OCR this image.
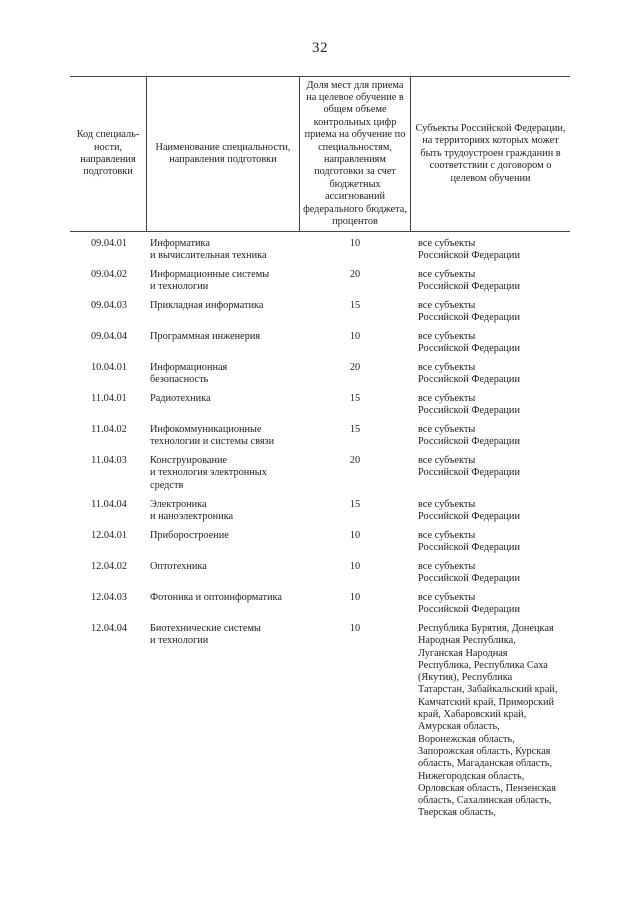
32
Код специаль-ности, направления подготовки
Наименование специальности, направления подготовки
Доля мест для приема на целевое обучение в общем объеме контрольных цифр приема на обучение по специальностям, направлениям подготовки за счет бюджетных ассигнований федерального бюджета, процентов
Субъекты Российской Федерации, на территориях которых может быть трудоустроен гражданин в соответствии с договором о целевом обучении
09.04.01	Информатика
и вычислительная техника
10	все субъекты
Российской Федерации
09.04.02	Информационные системы
и технологии
20	все субъекты
Российской Федерации
09.04.03	Прикладная информатика	15	все субъекты
Российской Федерации
09.04.04	Программная инженерия	10	все субъекты
Российской Федерации
10.04.01	Информационная
безопасность
20	все субъекты
Российской Федерации
11.04.01	Радиотехника	15	все субъекты
Российской Федерации
11.04.02	Инфокоммуникационные
технологии и системы связи
15	все субъекты
Российской Федерации
11.04.03	Конструирование
и технология электронных
средств
20	все субъекты
Российской Федерации
11.04.04	Электроника
и наноэлектроника
15	все субъекты
Российской Федерации
12.04.01	Приборостроение	10	все субъекты
Российской Федерации
12.04.02	Оптотехника	10	все субъекты
Российской Федерации
12.04.03	Фотоника и оптоинформатика	10	все субъекты
Российской Федерации
12.04.04	Биотехнические системы
и технологии
10	Республика Бурятия, Донецкая
Народная Республика,
Луганская Народная
Республика, Республика Саха
(Якутия), Республика
Татарстан, Забайкальский край,
Камчатский край, Приморский
край, Хабаровский край,
Амурская область,
Воронежская область,
Запорожская область, Курская
область, Магаданская область,
Нижегородская область,
Орловская область, Пензенская
область, Сахалинская область,
Тверская область,
